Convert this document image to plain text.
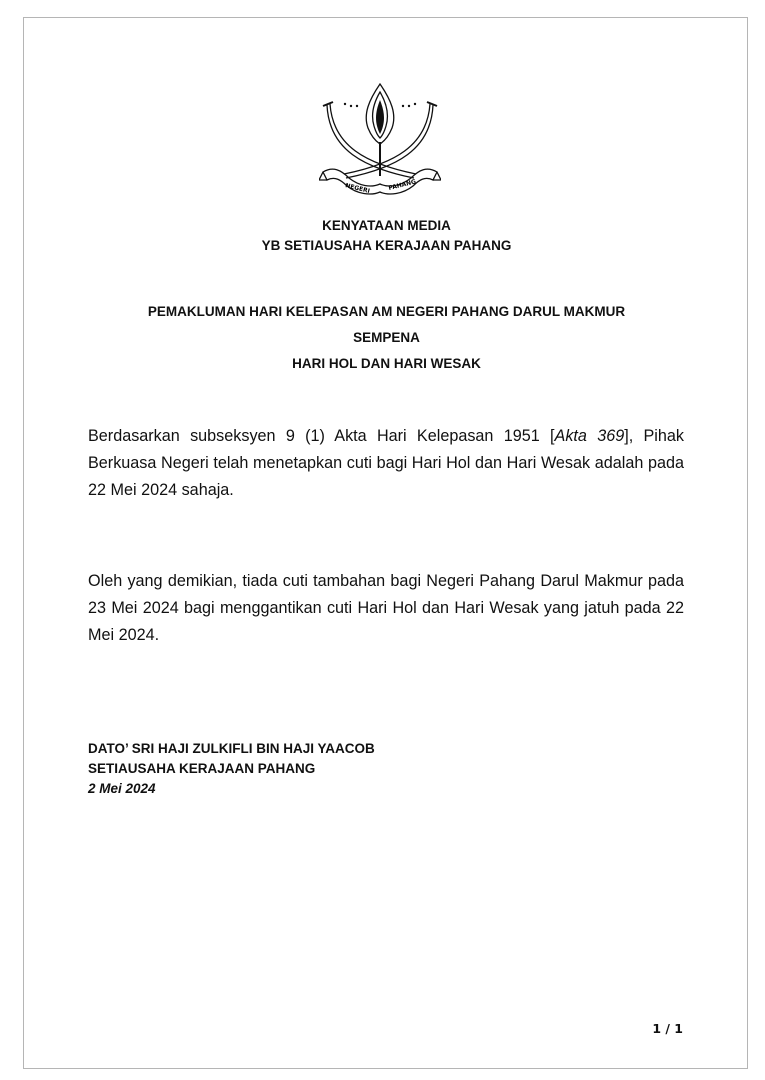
NEGERI	PAHANG
KENYATAAN MEDIA
YB SETIAUSAHA KERAJAAN PAHANG
PEMAKLUMAN HARI KELEPASAN AM NEGERI PAHANG DARUL MAKMUR
SEMPENA
HARI HOL DAN HARI WESAK

Berdasarkan subseksyen 9 (1) Akta Hari Kelepasan 1951 [Akta 369], Pihak Berkuasa Negeri telah menetapkan cuti bagi Hari Hol dan Hari Wesak adalah pada 22 Mei 2024 sahaja.

Oleh yang demikian, tiada cuti tambahan bagi Negeri Pahang Darul Makmur pada 23 Mei 2024 bagi menggantikan cuti Hari Hol dan Hari Wesak yang jatuh pada 22 Mei 2024.

DATO’ SRI HAJI ZULKIFLI BIN HAJI YAACOB
SETIAUSAHA KERAJAAN PAHANG
2 Mei 2024
1 / 1
